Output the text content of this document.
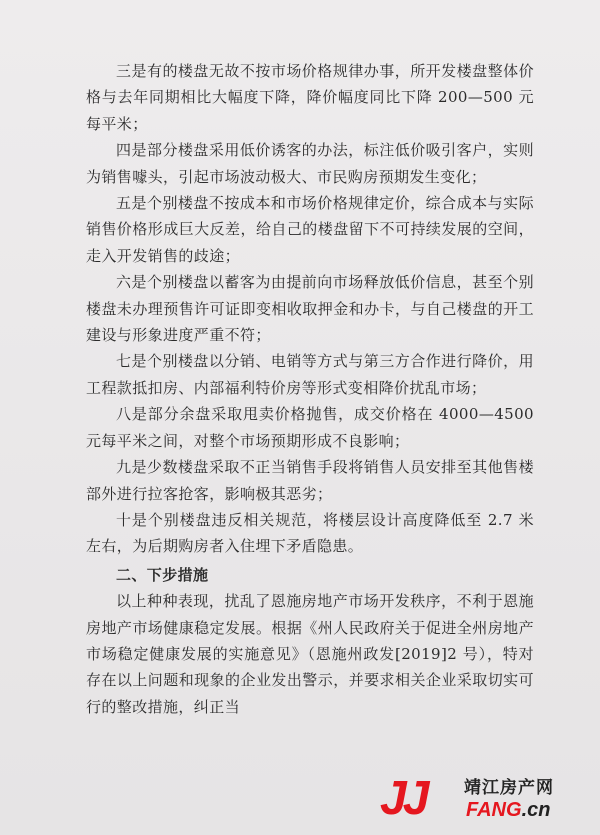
三是有的楼盘无故不按市场价格规律办事，所开发楼盘整体价格与去年同期相比大幅度下降，降价幅度同比下降 200—500 元每平米；

四是部分楼盘采用低价诱客的办法，标注低价吸引客户，实则为销售噱头，引起市场波动极大、市民购房预期发生变化；

五是个别楼盘不按成本和市场价格规律定价，综合成本与实际销售价格形成巨大反差，给自己的楼盘留下不可持续发展的空间，走入开发销售的歧途；

六是个别楼盘以蓄客为由提前向市场释放低价信息，甚至个别楼盘未办理预售许可证即变相收取押金和办卡，与自己楼盘的开工建设与形象进度严重不符；

七是个别楼盘以分销、电销等方式与第三方合作进行降价，用工程款抵扣房、内部福利特价房等形式变相降价扰乱市场；

八是部分余盘采取甩卖价格抛售，成交价格在 4000—4500 元每平米之间，对整个市场预期形成不良影响；

九是少数楼盘采取不正当销售手段将销售人员安排至其他售楼部外进行拉客抢客，影响极其恶劣；

十是个别楼盘违反相关规范，将楼层设计高度降低至 2.7 米左右，为后期购房者入住埋下矛盾隐患。

二、下步措施

以上种种表现，扰乱了恩施房地产市场开发秩序，不利于恩施房地产市场健康稳定发展。根据《州人民政府关于促进全州房地产市场稳定健康发展的实施意见》（恩施州政发[2019]2 号），特对存在以上问题和现象的企业发出警示，并要求相关企业采取切实可行的整改措施，纠正当

JJ 靖江房产网
FANG.cn
